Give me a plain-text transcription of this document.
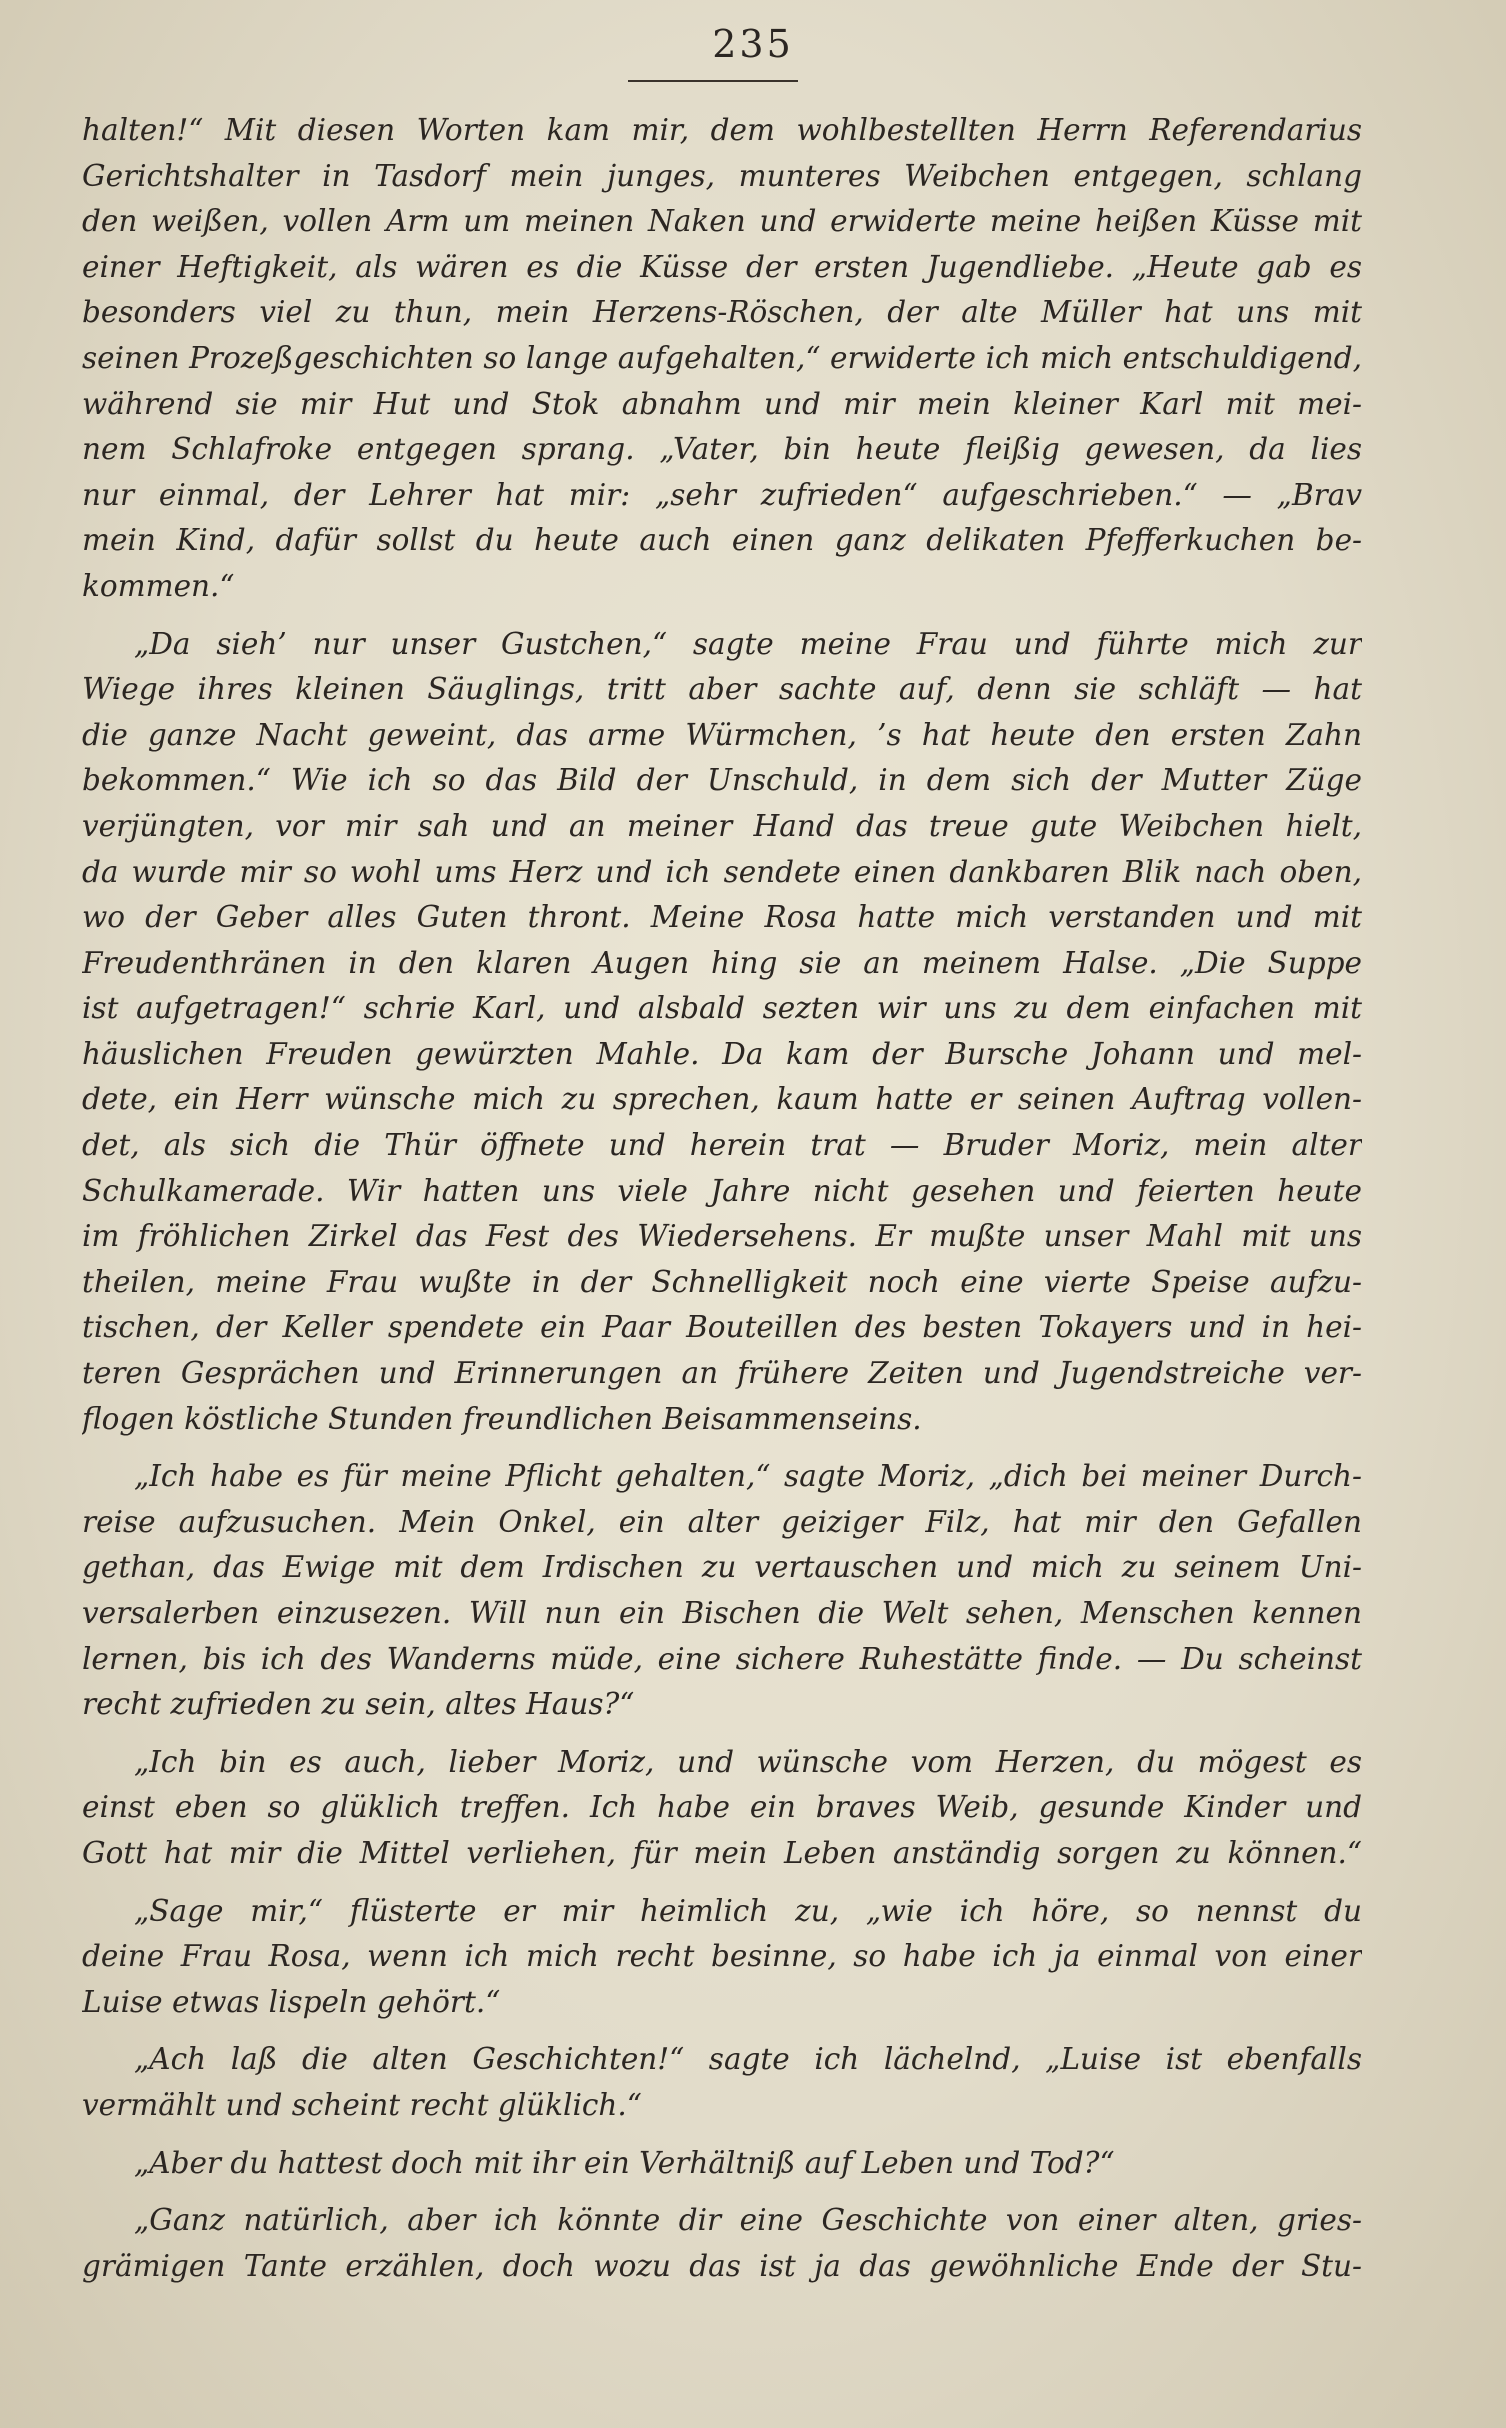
235

halten!“ Mit diesen Worten kam mir, dem wohlbestellten Herrn Referendarius
Gerichtshalter in Tasdorf mein junges, munteres Weibchen entgegen, schlang
den weißen, vollen Arm um meinen Naken und erwiderte meine heißen Küsse mit
einer Heftigkeit, als wären es die Küsse der ersten Jugendliebe. „Heute gab es
besonders viel zu thun, mein Herzens-Röschen, der alte Müller hat uns mit
seinen Prozeßgeschichten so lange aufgehalten,“ erwiderte ich mich entschuldigend,
während sie mir Hut und Stok abnahm und mir mein kleiner Karl mit mei-
nem Schlafroke entgegen sprang. „Vater, bin heute fleißig gewesen, da lies
nur einmal, der Lehrer hat mir: „sehr zufrieden“ aufgeschrieben.“ — „Brav
mein Kind, dafür sollst du heute auch einen ganz delikaten Pfefferkuchen be-
kommen.“

„Da sieh’ nur unser Gustchen,“ sagte meine Frau und führte mich zur
Wiege ihres kleinen Säuglings, tritt aber sachte auf, denn sie schläft — hat
die ganze Nacht geweint, das arme Würmchen, ’s hat heute den ersten Zahn
bekommen.“ Wie ich so das Bild der Unschuld, in dem sich der Mutter Züge
verjüngten, vor mir sah und an meiner Hand das treue gute Weibchen hielt,
da wurde mir so wohl ums Herz und ich sendete einen dankbaren Blik nach oben,
wo der Geber alles Guten thront. Meine Rosa hatte mich verstanden und mit
Freudenthränen in den klaren Augen hing sie an meinem Halse. „Die Suppe
ist aufgetragen!“ schrie Karl, und alsbald sezten wir uns zu dem einfachen mit
häuslichen Freuden gewürzten Mahle. Da kam der Bursche Johann und mel-
dete, ein Herr wünsche mich zu sprechen, kaum hatte er seinen Auftrag vollen-
det, als sich die Thür öffnete und herein trat — Bruder Moriz, mein alter
Schulkamerade. Wir hatten uns viele Jahre nicht gesehen und feierten heute
im fröhlichen Zirkel das Fest des Wiedersehens. Er mußte unser Mahl mit uns
theilen, meine Frau wußte in der Schnelligkeit noch eine vierte Speise aufzu-
tischen, der Keller spendete ein Paar Bouteillen des besten Tokayers und in hei-
teren Gesprächen und Erinnerungen an frühere Zeiten und Jugendstreiche ver-
flogen köstliche Stunden freundlichen Beisammenseins.

„Ich habe es für meine Pflicht gehalten,“ sagte Moriz, „dich bei meiner Durch-
reise aufzusuchen. Mein Onkel, ein alter geiziger Filz, hat mir den Gefallen
gethan, das Ewige mit dem Irdischen zu vertauschen und mich zu seinem Uni-
versalerben einzusezen. Will nun ein Bischen die Welt sehen, Menschen kennen
lernen, bis ich des Wanderns müde, eine sichere Ruhestätte finde. — Du scheinst
recht zufrieden zu sein, altes Haus?“

„Ich bin es auch, lieber Moriz, und wünsche vom Herzen, du mögest es
einst eben so glüklich treffen. Ich habe ein braves Weib, gesunde Kinder und
Gott hat mir die Mittel verliehen, für mein Leben anständig sorgen zu können.“

„Sage mir,“ flüsterte er mir heimlich zu, „wie ich höre, so nennst du
deine Frau Rosa, wenn ich mich recht besinne, so habe ich ja einmal von einer
Luise etwas lispeln gehört.“

„Ach laß die alten Geschichten!“ sagte ich lächelnd, „Luise ist ebenfalls
vermählt und scheint recht glüklich.“

„Aber du hattest doch mit ihr ein Verhältniß auf Leben und Tod?“

„Ganz natürlich, aber ich könnte dir eine Geschichte von einer alten, gries-
grämigen Tante erzählen, doch wozu das ist ja das gewöhnliche Ende der Stu-
